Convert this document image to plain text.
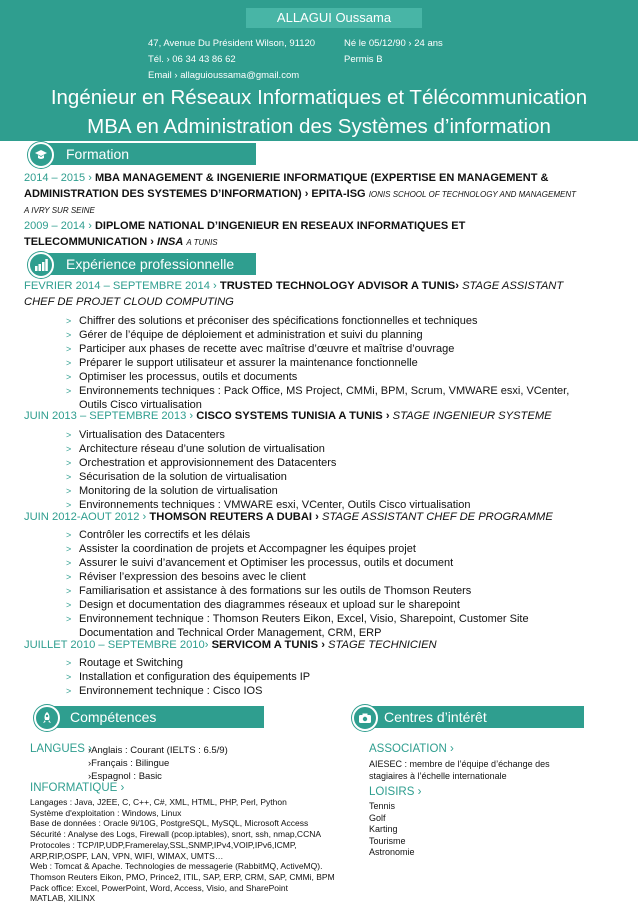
ALLAGUI Oussama
47, Avenue Du Président Wilson, 91120
Tél. › 06 34 43 86 62
Email › allaguioussama@gmail.com
Né le 05/12/90 › 24 ans
Permis B
Ingénieur en Réseaux Informatiques et Télécommunication
MBA en Administration des Systèmes d’information
Formation
2014 – 2015 › MBA MANAGEMENT & INGENIERIE INFORMATIQUE (EXPERTISE EN MANAGEMENT &
ADMINISTRATION DES SYSTEMES D’INFORMATION) › EPITA-ISG IONIS SCHOOL OF TECHNOLOGY AND MANAGEMENT
A IVRY SUR SEINE
2009 – 2014 › DIPLOME NATIONAL D’INGENIEUR EN RESEAUX INFORMATIQUES ET
TELECOMMUNICATION › INSA A TUNIS
Expérience professionnelle
FEVRIER 2014 – SEPTEMBRE 2014 › TRUSTED TECHNOLOGY ADVISOR A TUNIS› STAGE ASSISTANT
CHEF DE PROJET CLOUD COMPUTING
> Chiffrer des solutions et préconiser des spécifications fonctionnelles et techniques
> Gérer de l’équipe de déploiement et administration et suivi du planning
> Participer aux phases de recette avec maîtrise d’œuvre et maîtrise d’ouvrage
> Préparer le support utilisateur et assurer la maintenance fonctionnelle
> Optimiser les processus, outils et documents
> Environnements techniques : Pack Office, MS Project, CMMi, BPM, Scrum, VMWARE esxi, VCenter,
Outils Cisco virtualisation
JUIN 2013 – SEPTEMBRE 2013 › CISCO SYSTEMS TUNISIA A TUNIS › STAGE INGENIEUR SYSTEME
> Virtualisation des Datacenters
> Architecture réseau d’une solution de virtualisation
> Orchestration et approvisionnement des Datacenters
> Sécurisation de la solution de virtualisation
> Monitoring de la solution de virtualisation
> Environnements techniques : VMWARE esxi, VCenter, Outils Cisco virtualisation
JUIN 2012-AOUT 2012 › THOMSON REUTERS A DUBAI › STAGE ASSISTANT CHEF DE PROGRAMME
> Contrôler les correctifs et les délais
> Assister la coordination de projets et Accompagner les équipes projet
> Assurer le suivi d’avancement et Optimiser les processus, outils et document
> Réviser l’expression des besoins avec le client
> Familiarisation et assistance à des formations sur les outils de Thomson Reuters
> Design et documentation des diagrammes réseaux et upload sur le sharepoint
> Environnement technique : Thomson Reuters Eikon, Excel, Visio, Sharepoint, Customer Site
Documentation and Technical Order Management, CRM, ERP
JUILLET 2010 – SEPTEMBRE 2010› SERVICOM A TUNIS › STAGE TECHNICIEN
> Routage et Switching
> Installation et configuration des équipements IP
> Environnement technique : Cisco IOS
Compétences	Centres d’intérêt
LANGUES ›
›Anglais : Courant (IELTS : 6.5/9)
›Français : Bilingue
›Espagnol : Basic
INFORMATIQUE ›
Langages : Java, J2EE, C, C++, C#, XML, HTML, PHP, Perl, Python
Système d'exploitation : Windows, Linux
Base de données : Oracle 9i/10G, PostgreSQL, MySQL, Microsoft Access
Sécurité : Analyse des Logs, Firewall (pcop.iptables), snort, ssh, nmap,CCNA
Protocoles : TCP/IP,UDP,Framerelay,SSL,SNMP,IPv4,VOIP,IPv6,ICMP,
ARP,RIP,OSPF, LAN, VPN, WIFI, WIMAX, UMTS…
Web : Tomcat & Apache. Technologies de messagerie (RabbitMQ, ActiveMQ).
Thomson Reuters Eikon, PMO, Prince2, ITIL, SAP, ERP, CRM, SAP, CMMi, BPM
Pack office: Excel, PowerPoint, Word, Access, Visio, and SharePoint
MATLAB, XILINX
ASSOCIATION ›
AIESEC : membre de l’équipe d’échange des
stagiaires à l’échelle internationale
LOISIRS ›
Tennis
Golf
Karting
Tourisme
Astronomie
